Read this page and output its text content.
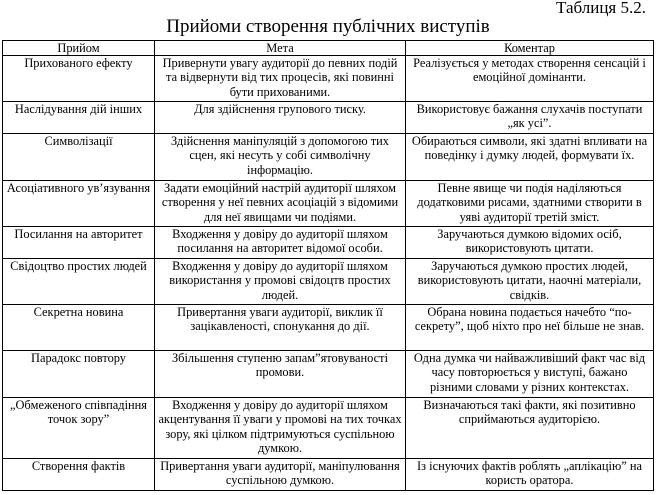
Таблиця 5.2.
Прийоми створення публічних виступів
Прийом	Мета	Коментар
Прихованого ефекту	Привернути увагу аудиторії до певних подій та відвернути від тих процесів, які повинні бути прихованими.	Реалізується у методах створення сенсацій і емоційної домінанти.
Наслідування дій інших	Для здійснення групового тиску.	Використовує бажання слухачів поступати „як усі”.
Символізації	Здійснення маніпуляцій з допомогою тих сцен, які несуть у собі символічну інформацію.	Обираються символи, які здатні впливати на поведінку і думку людей, формувати їх.
Асоціативного ув’язування	Задати емоційний настрій аудиторії шляхом створення у неї певних асоціацій з відомими для неї явищами чи подіями.	Певне явище чи подія наділяються додатковими рисами, здатними створити в уяві аудиторії третій зміст.
Посилання на авторитет	Входження у довіру до аудиторії шляхом посилання на авторитет відомої особи.	Заручаються думкою відомих осіб, використовують цитати.
Свідоцтво простих людей	Входження у довіру до аудиторії шляхом використання у промові свідоцтв простих людей.	Заручаються думкою простих людей, використовують цитати, наочні матеріали, свідків.
Секретна новина	Привертання уваги аудиторії, виклик її зацікавленості, спонукання до дії.	Обрана новина подається начебто “по-секрету”, щоб ніхто про неї більше не знав.
Парадокс повтору	Збільшення ступеню запам”ятовуваності промови.	Одна думка чи найважливіший факт час від часу повторюється у виступі, бажано різними словами у різних контекстах.
„Обмеженого співпадіння точок зору”	Входження у довіру до аудиторії шляхом акцентування її уваги у промові на тих точках зору, які цілком підтримуються суспільною думкою.	Визначаються такі факти, які позитивно сприймаються аудиторією.
Створення фактів	Привертання уваги аудиторії, маніпулювання суспільною думкою.	Із існуючих фактів роблять „аплікацію” на користь оратора.
